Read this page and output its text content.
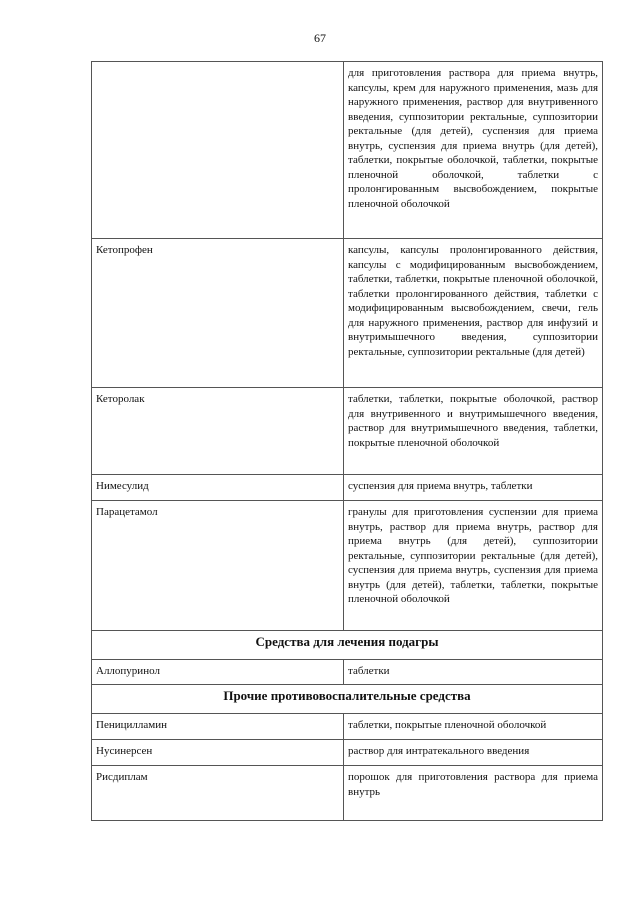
67
	для приготовления раствора для приема внутрь, капсулы, крем для наружного применения, мазь для наружного применения, раствор для внутривенного введения, суппозитории ректальные, суппозитории ректальные (для детей), суспензия для приема внутрь, суспензия для приема внутрь (для детей), таблетки, покрытые оболочкой, таблетки, покрытые пленочной оболочкой, таблетки с пролонгированным высвобождением, покрытые пленочной оболочкой
Кетопрофен	капсулы, капсулы пролонгированного действия, капсулы с модифицированным высвобождением, таблетки, таблетки, покрытые пленочной оболочкой, таблетки пролонгированного действия, таблетки с модифицированным высвобождением, свечи, гель для наружного применения, раствор для инфузий и внутримышечного введения, суппозитории ректальные, суппозитории ректальные (для детей)
Кеторолак	таблетки, таблетки, покрытые оболочкой, раствор для внутривенного и внутримышечного введения, раствор для внутримышечного введения, таблетки, покрытые пленочной оболочкой
Нимесулид	суспензия для приема внутрь, таблетки
Парацетамол	гранулы для приготовления суспензии для приема внутрь, раствор для приема внутрь, раствор для приема внутрь (для детей), суппозитории ректальные, суппозитории ректальные (для детей), суспензия для приема внутрь, суспензия для приема внутрь (для детей), таблетки, таблетки, покрытые пленочной оболочкой
Средства для лечения подагры	
Аллопуринол	таблетки
Прочие противовоспалительные средства	
Пеницилламин	таблетки, покрытые пленочной оболочкой
Нусинерсен	раствор для интратекального введения
Рисдиплам	порошок для приготовления раствора для приема внутрь
